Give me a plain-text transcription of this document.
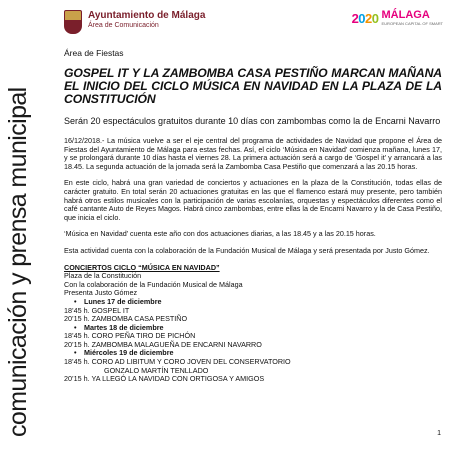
comunicación y prensa municipal
Ayuntamiento de Málaga
Área de Comunicación	2020 MÁLAGA
EUROPEAN CAPITAL OF SMART

Área de Fiestas

GOSPEL IT Y LA ZAMBOMBA CASA PESTIÑO MARCAN MAÑANA EL INICIO DEL CICLO MÚSICA EN NAVIDAD EN LA PLAZA DE LA CONSTITUCIÓN

Serán 20 espectáculos gratuitos durante 10 días con zambombas como la de Encarni Navarro

16/12/2018.- La música vuelve a ser el eje central del programa de actividades de Navidad que propone el Área de Fiestas del Ayuntamiento de Málaga para estas fechas. Así, el ciclo ‘Música en Navidad’ comienza mañana, lunes 17, y se prolongará durante 10 días hasta el viernes 28. La primera actuación será a cargo de ‘Gospel it’ y arrancará a las 18.45. La segunda actuación de la jornada será la Zambomba Casa Pestiño que comenzará a las 20.15 horas.

En este ciclo, habrá una gran variedad de conciertos y actuaciones en la plaza de la Constitución, todas ellas de carácter gratuito. En total serán 20 actuaciones gratuitas en las que el flamenco estará muy presente, pero también habrá otros estilos musicales con la participación de varias escolanías, orquestas y espectáculos diferentes como el café cantante Auto de Reyes Magos. Habrá cinco zambombas, entre ellas la de Encarni Navarro y la de Casa Pestiño, que inicia el ciclo.

‘Música en Navidad’ cuenta este año con dos actuaciones diarias, a las 18.45 y a las 20.15 horas.

Esta actividad cuenta con la colaboración de la Fundación Musical de Málaga y será presentada por Justo Gómez.

CONCIERTOS CICLO “MÚSICA EN NAVIDAD”
Plaza de la Constitución
Con la colaboración de la Fundación Musical de Málaga
Presenta Justo Gómez
• Lunes 17 de diciembre
18’45 h. GOSPEL IT
20’15 h. ZAMBOMBA CASA PESTIÑO
• Martes 18 de diciembre
18’45 h. CORO PEÑA TIRO DE PICHÓN
20’15 h. ZAMBOMBA MALAGUEÑA DE ENCARNI NAVARRO
• Miércoles 19 de diciembre
18’45 h. CORO AD LIBITUM Y CORO JOVEN DEL CONSERVATORIO
GONZALO MARTÍN TENLLADO
20’15 h. YA LLEGÓ LA NAVIDAD CON ORTIGOSA Y AMIGOS
1
